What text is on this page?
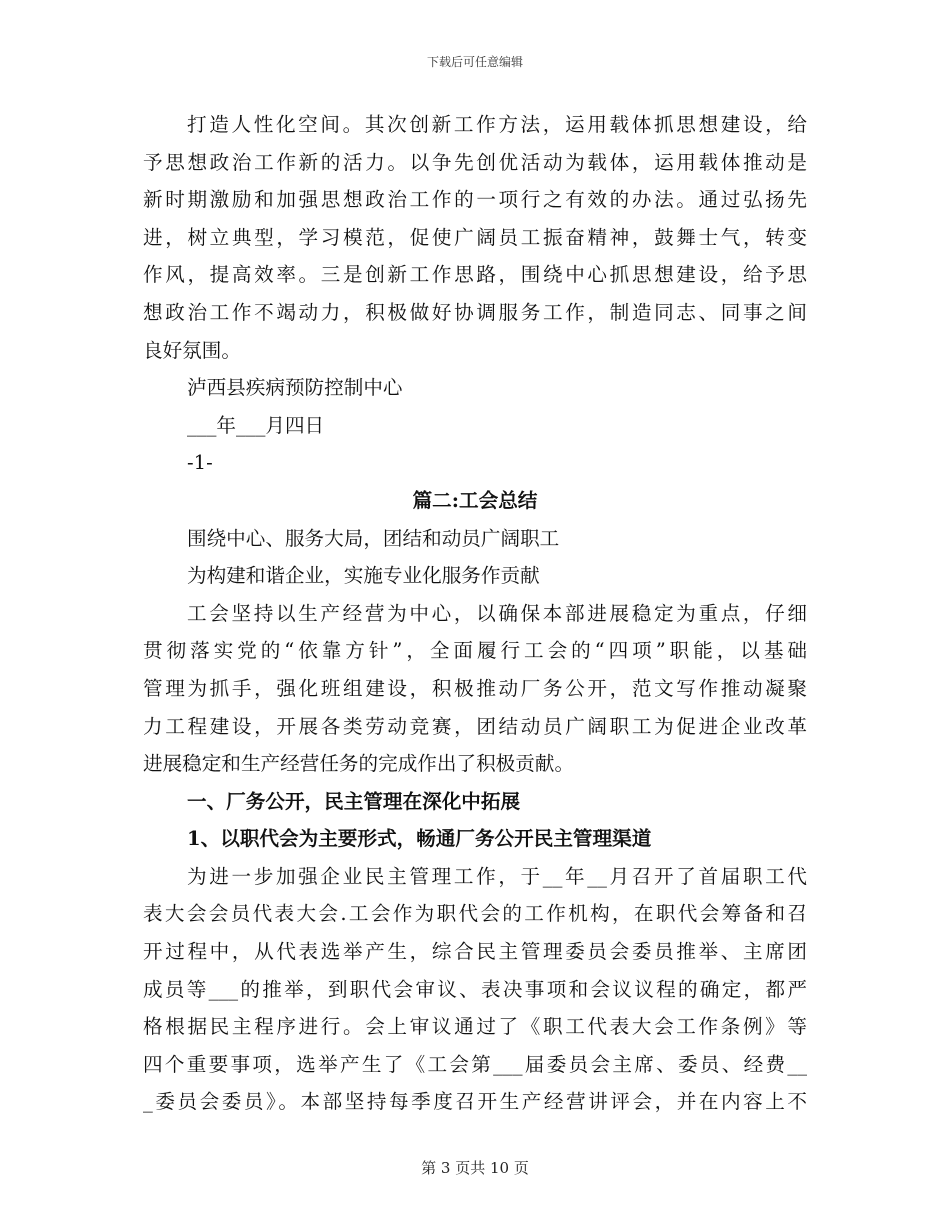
下载后可任意编辑
打造人性化空间。其次创新工作方法，运用载体抓思想建设，给
予思想政治工作新的活力。以争先创优活动为载体，运用载体推动是
新时期激励和加强思想政治工作的一项行之有效的办法。通过弘扬先
进，树立典型，学习模范，促使广阔员工振奋精神，鼓舞士气，转变
作风，提高效率。三是创新工作思路，围绕中心抓思想建设，给予思
想政治工作不竭动力，积极做好协调服务工作，制造同志、同事之间
良好氛围。
泸西县疾病预防控制中心
___年___月四日
-1-
篇二:工会总结
围绕中心、服务大局，团结和动员广阔职工
为构建和谐企业，实施专业化服务作贡献
工会坚持以生产经营为中心，以确保本部进展稳定为重点，仔细
贯彻落实党的“依靠方针”，全面履行工会的“四项”职能，以基础
管理为抓手，强化班组建设，积极推动厂务公开，范文写作推动凝聚
力工程建设，开展各类劳动竞赛，团结动员广阔职工为促进企业改革
进展稳定和生产经营任务的完成作出了积极贡献。
一、厂务公开，民主管理在深化中拓展
1、以职代会为主要形式，畅通厂务公开民主管理渠道
为进一步加强企业民主管理工作，于__年__月召开了首届职工代
表大会会员代表大会.工会作为职代会的工作机构，在职代会筹备和召
开过程中，从代表选举产生，综合民主管理委员会委员推举、主席团
成员等___的推举，到职代会审议、表决事项和会议议程的确定，都严
格根据民主程序进行。会上审议通过了《职工代表大会工作条例》等
四个重要事项，选举产生了《工会第___届委员会主席、委员、经费__
_委员会委员》。本部坚持每季度召开生产经营讲评会，并在内容上不
第 3 页共 10 页
